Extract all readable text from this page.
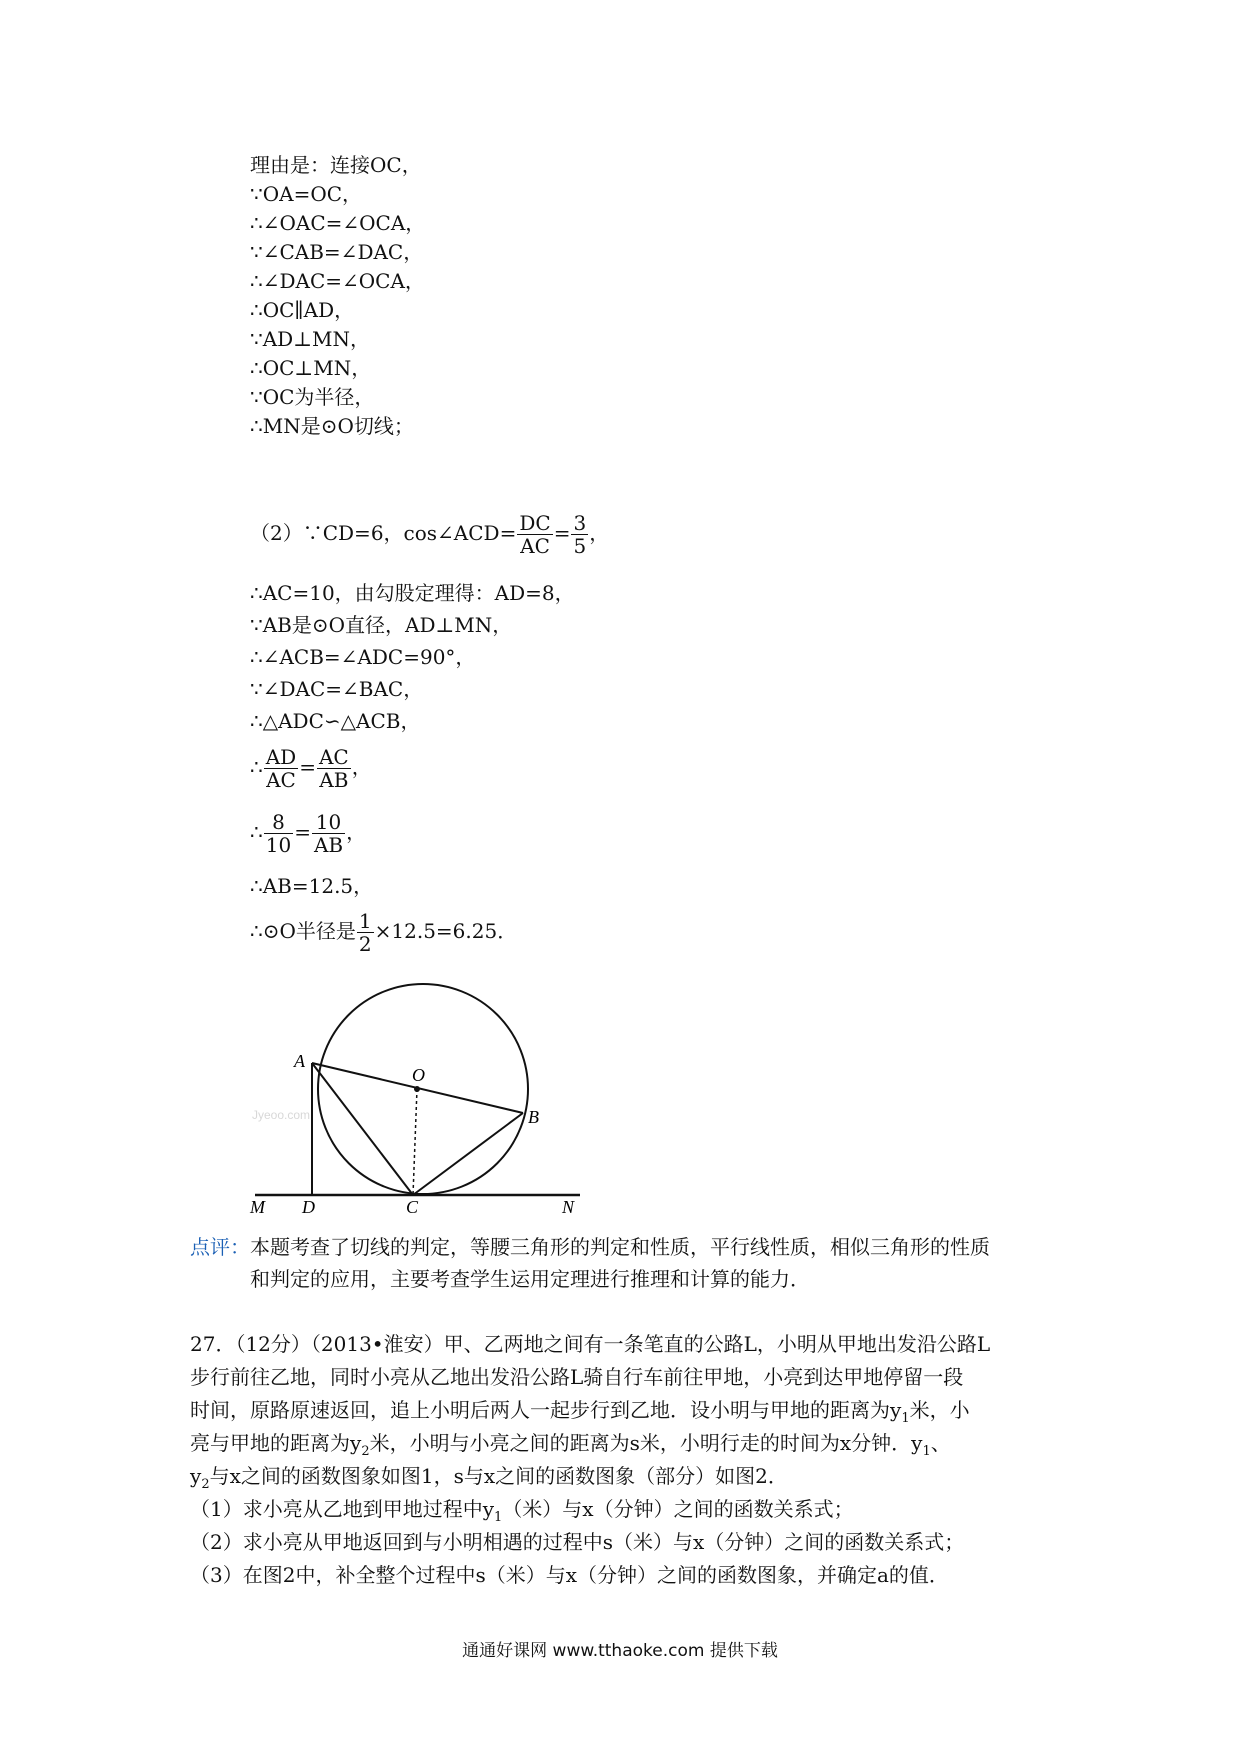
理由是：连接OC，
∵OA=OC，
∴∠OAC=∠OCA，
∵∠CAB=∠DAC，
∴∠DAC=∠OCA，
∴OC∥AD，
∵AD⊥MN，
∴OC⊥MN，
∵OC为半径，
∴MN是⊙O切线；
（2）∵CD=6，cos∠ACD= $\frac{DC}{AC} = \frac{3}{5}$ ，
∴AC=10，由勾股定理得：AD=8，
∵AB是⊙O直径，AD⊥MN，
∴∠ACB=∠ADC=90°，
∵∠DAC=∠BAC，
∴△ADC∽△ACB，
∴ $\frac{AD}{AC} = \frac{AC}{AB}$ ，
∴ $\frac{8}{10} = \frac{10}{AB}$ ，
∴AB=12.5，
∴⊙O半径是 $\frac{1}{2} \times 12.5=6.25$．
M D	C	N
A
O
B
Jyeoo.com
点评：本题考查了切线的判定，等腰三角形的判定和性质，平行线性质，相似三角形的性质
和判定的应用，主要考查学生运用定理进行推理和计算的能力．
27．（12分）（2013•淮安）甲、乙两地之间有一条笔直的公路L，小明从甲地出发沿公路L
步行前往乙地，同时小亮从乙地出发沿公路L骑自行车前往甲地，小亮到达甲地停留一段
时间，原路原速返回，追上小明后两人一起步行到乙地．设小明与甲地的距离为$y_1$米，小
亮与甲地的距离为$y_2$米，小明与小亮之间的距离为s米，小明行走的时间为x分钟．$y_1$、
$y_2$与x之间的函数图象如图1，s与x之间的函数图象（部分）如图2．
（1）求小亮从乙地到甲地过程中$y_1$（米）与x（分钟）之间的函数关系式；
（2）求小亮从甲地返回到与小明相遇的过程中s（米）与x（分钟）之间的函数关系式；
（3）在图2中，补全整个过程中s（米）与x（分钟）之间的函数图象，并确定a的值．
通通好课网 www.tthaoke.com 提供下载
